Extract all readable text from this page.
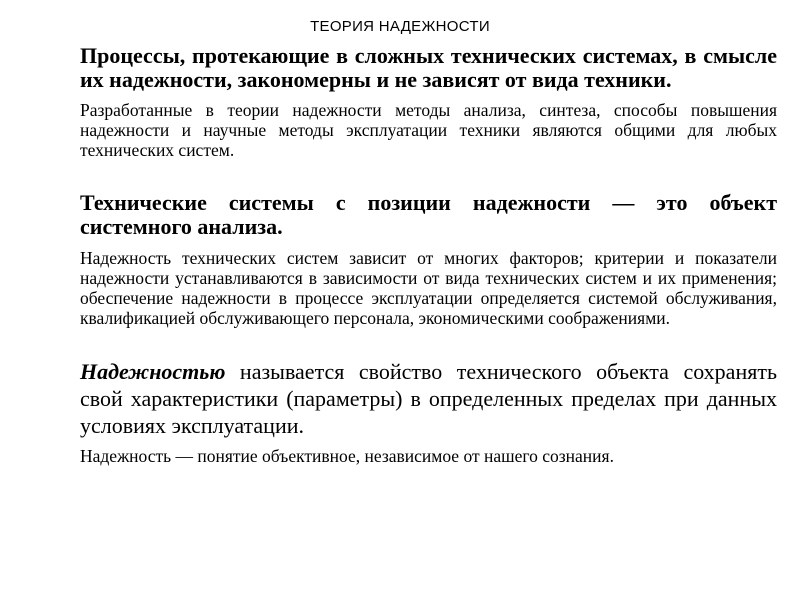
ТЕОРИЯ НАДЕЖНОСТИ

Процессы, протекающие в сложных технических системах, в смысле их надежности, закономерны и не зависят от вида техники.

Разработанные в теории надежности методы анализа, синтеза, способы повышения надежности и научные методы эксплуатации техники являются общими для любых технических систем.

Технические системы с позиции надежности — это объект системного анализа.

Надежность технических систем зависит от многих факторов; критерии и показатели надежности устанавливаются в зависимости от вида технических систем и их применения; обеспечение надежности в процессе эксплуатации определяется системой обслуживания, квалификацией обслуживающего персонала, экономическими соображениями.

Надежностью называется свойство технического объекта сохранять свой характеристики (параметры) в определенных пределах при данных условиях эксплуатации.

Надежность — понятие объективное, независимое от нашего сознания.
